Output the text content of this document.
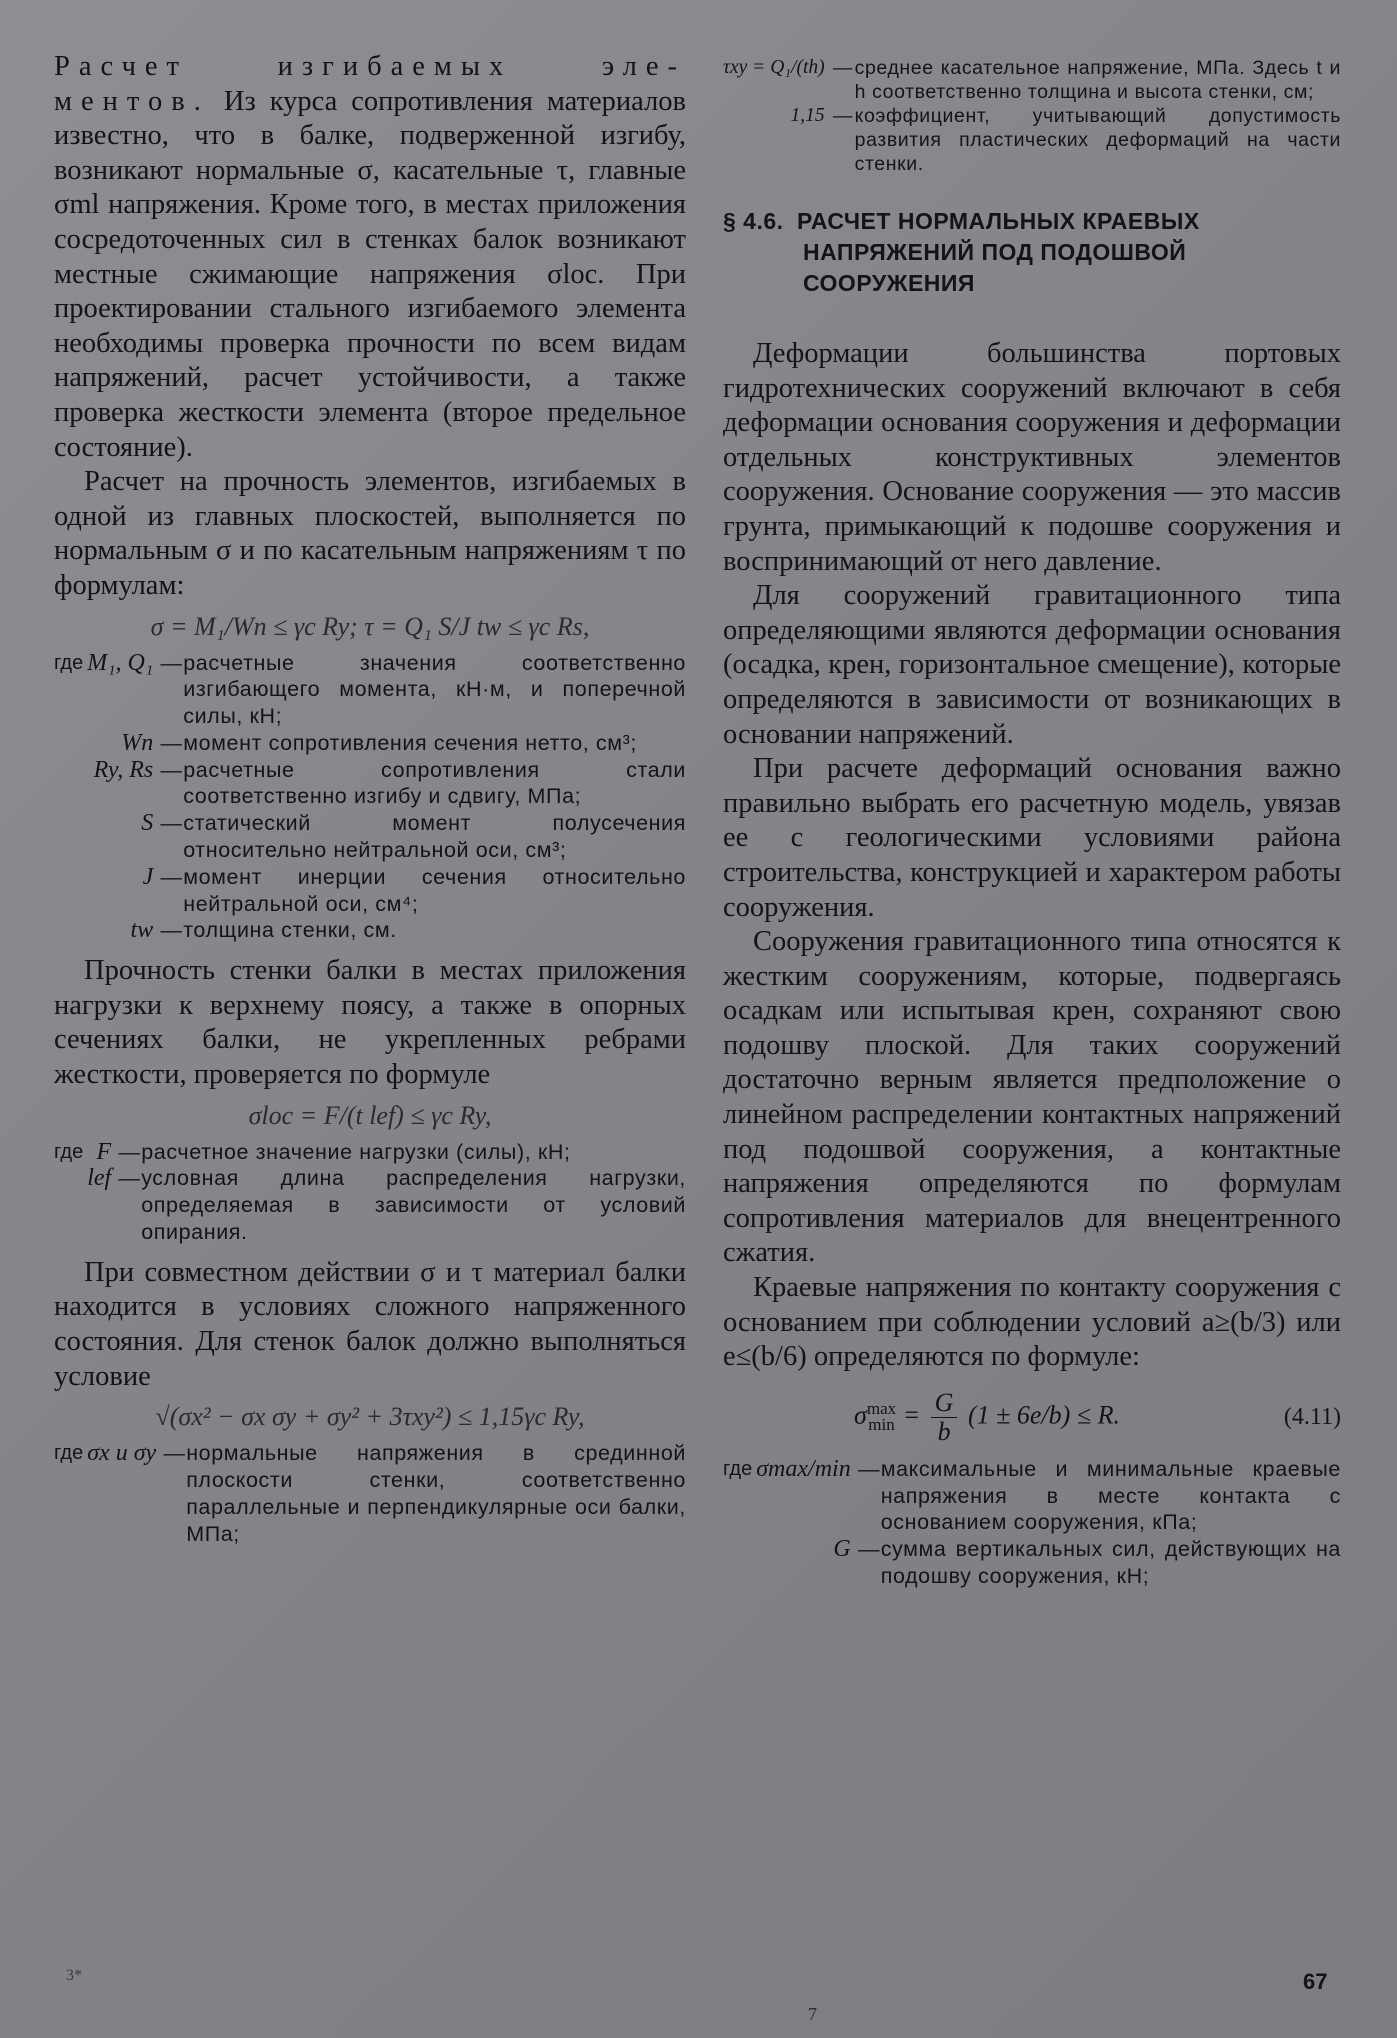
Расчет изгибаемых эле-ментов. Из курса сопротивления материалов известно, что в балке, подверженной изгибу, возникают нормальные σ, касательные τ, главные σml напряжения. Кроме того, в местах приложения сосредоточенных сил в стенках балок возникают местные сжимающие напряжения σloc. При проектировании стального изгибаемого элемента необходимы проверка прочности по всем видам напряжений, расчет устойчивости, а также проверка жесткости элемента (второе предельное состояние).

Расчет на прочность элементов, изгибаемых в одной из главных плоскостей, выполняется по нормальным σ и по касательным напряжениям τ по формулам:

σ = M₁/Wn ≤ γc Ry; τ = Q₁ S/J tw ≤ γc Rs,
где	M₁, Q₁	—	расчетные значения соответственно изгибающего момента, кН·м, и поперечной силы, кН;
	Wn	—	момент сопротивления сечения нетто, см³;
	Ry, Rs	—	расчетные сопротивления стали соответственно изгибу и сдвигу, МПа;
	S	—	статический момент полусечения относительно нейтральной оси, см³;
	J	—	момент инерции сечения относительно нейтральной оси, см⁴;
	tw	—	толщина стенки, см.

Прочность стенки балки в местах приложения нагрузки к верхнему поясу, а также в опорных сечениях балки, не укрепленных ребрами жесткости, проверяется по формуле

σloc = F/(t lef) ≤ γc Ry,
где	F	—	расчетное значение нагрузки (силы), кН;
	lef	—	условная длина распределения нагрузки, определяемая в зависимости от условий опирания.

При совместном действии σ и τ материал балки находится в условиях сложного напряженного состояния. Для стенок балок должно выполняться условие

√(σx² − σx σy + σy² + 3τxy²) ≤ 1,15γc Ry,
где	σx и σy	—	нормальные напряжения в срединной плоскости стенки, соответственно параллельные и перпендикулярные оси балки, МПа;
τxy = Q₁/(th)	—	среднее касательное напряжение, МПа. Здесь t и h соответственно толщина и высота стенки, см;
1,15	—	коэффициент, учитывающий допустимость развития пластических деформаций на части стенки.
§ 4.6. РАСЧЕТ НОРМАЛЬНЫХ КРАЕВЫХ
НАПРЯЖЕНИЙ ПОД ПОДОШВОЙ
СООРУЖЕНИЯ

Деформации большинства портовых гидротехнических сооружений включают в себя деформации основания сооружения и деформации отдельных конструктивных элементов сооружения. Основание сооружения — это массив грунта, примыкающий к подошве сооружения и воспринимающий от него давление.

Для сооружений гравитационного типа определяющими являются деформации основания (осадка, крен, горизонтальное смещение), которые определяются в зависимости от возникающих в основании напряжений.

При расчете деформаций основания важно правильно выбрать его расчетную модель, увязав ее с геологическими условиями района строительства, конструкцией и характером работы сооружения.

Сооружения гравитационного типа относятся к жестким сооружениям, которые, подвергаясь осадкам или испытывая крен, сохраняют свою подошву плоской. Для таких сооружений достаточно верным является предположение о линейном распределении контактных напряжений под подошвой сооружения, а контактные напряжения определяются по формулам сопротивления материалов для внецентренного сжатия.

Краевые напряжения по контакту сооружения с основанием при соблюдении условий a≥(b/3) или e≤(b/6) определяются по формуле:

σ max
$\min = \frac{G}{b} (1 \pm 6e/b) \le R$.	(4.11)
где	σmax/min	—	максимальные и минимальные краевые напряжения в месте контакта с основанием сооружения, кПа;
	G	—	сумма вертикальных сил, действующих на подошву сооружения, кН;
3*	67
7
